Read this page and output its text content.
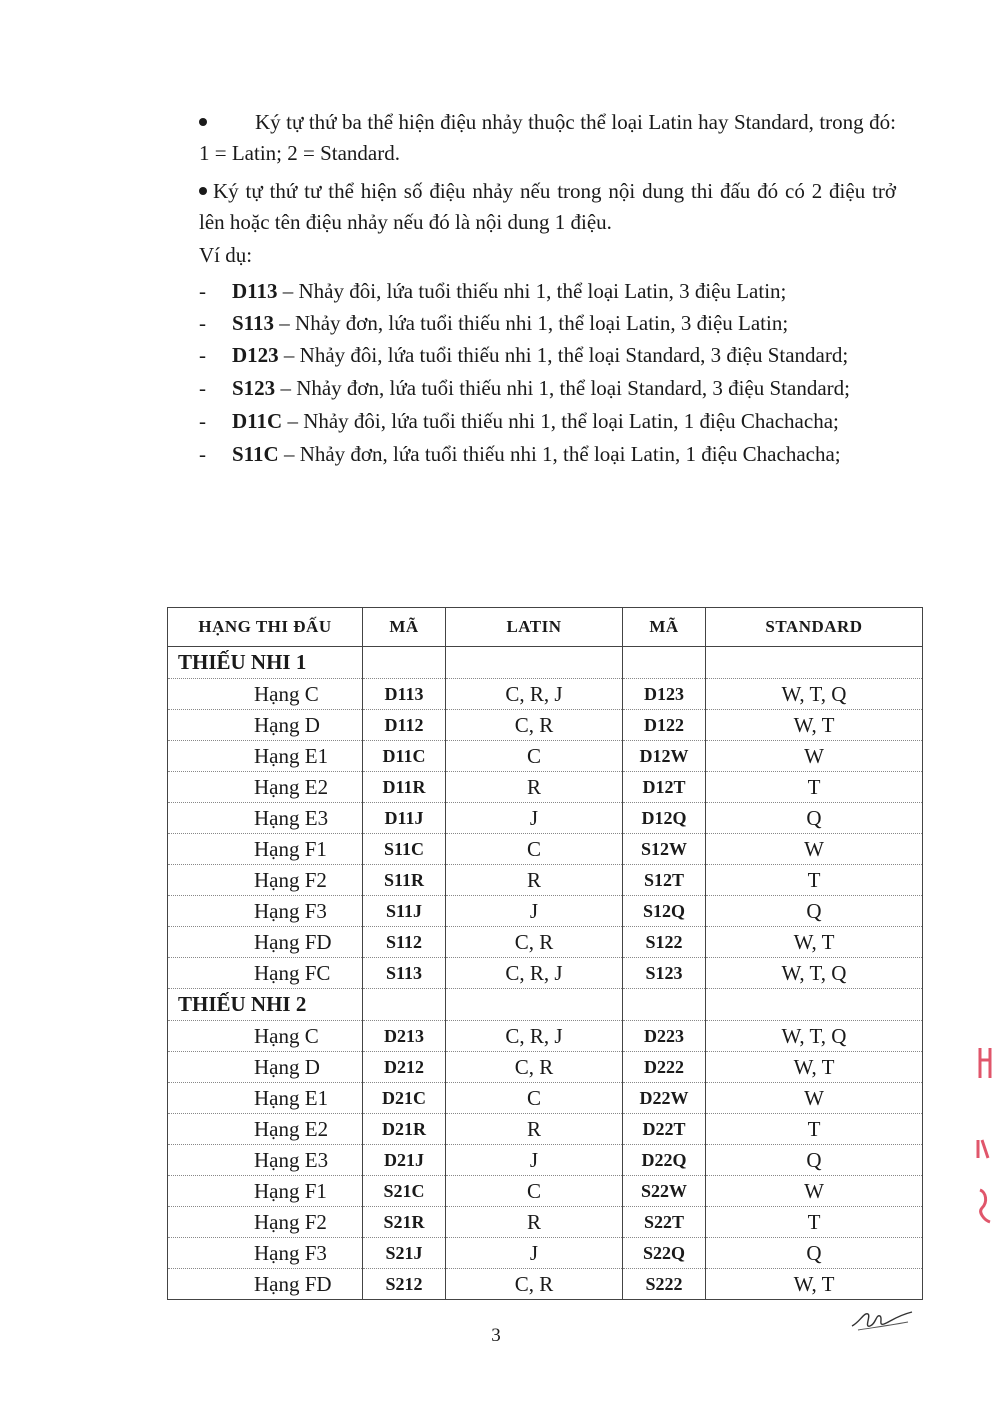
Ký tự thứ ba thể hiện điệu nhảy thuộc thể loại Latin hay Standard, trong đó: 1 = Latin; 2 = Standard.
Ký tự thứ tư thể hiện số điệu nhảy nếu trong nội dung thi đấu đó có 2 điệu trở lên hoặc tên điệu nhảy nếu đó là nội dung 1 điệu.
Ví dụ:
- D113 – Nhảy đôi, lứa tuổi thiếu nhi 1, thể loại Latin, 3 điệu Latin;
- S113 – Nhảy đơn, lứa tuổi thiếu nhi 1, thể loại Latin, 3 điệu Latin;
- D123 – Nhảy đôi, lứa tuổi thiếu nhi 1, thể loại Standard, 3 điệu Standard;
- S123 – Nhảy đơn, lứa tuổi thiếu nhi 1, thể loại Standard, 3 điệu Standard;
- D11C – Nhảy đôi, lứa tuổi thiếu nhi 1, thể loại Latin, 1 điệu Chachacha;
- S11C – Nhảy đơn, lứa tuổi thiếu nhi 1, thể loại Latin, 1 điệu Chachacha;
HẠNG THI ĐẤU	MÃ	LATIN	MÃ	STANDARD
THIẾU NHI 1				
Hạng C	D113	C, R, J	D123	W, T, Q
Hạng D	D112	C, R	D122	W, T
Hạng E1	D11C	C	D12W	W
Hạng E2	D11R	R	D12T	T
Hạng E3	D11J	J	D12Q	Q
Hạng F1	S11C	C	S12W	W
Hạng F2	S11R	R	S12T	T
Hạng F3	S11J	J	S12Q	Q
Hạng FD	S112	C, R	S122	W, T
Hạng FC	S113	C, R, J	S123	W, T, Q
THIẾU NHI 2				
Hạng C	D213	C, R, J	D223	W, T, Q
Hạng D	D212	C, R	D222	W, T
Hạng E1	D21C	C	D22W	W
Hạng E2	D21R	R	D22T	T
Hạng E3	D21J	J	D22Q	Q
Hạng F1	S21C	C	S22W	W
Hạng F2	S21R	R	S22T	T
Hạng F3	S21J	J	S22Q	Q
Hạng FD	S212	C, R	S222	W, T
3
